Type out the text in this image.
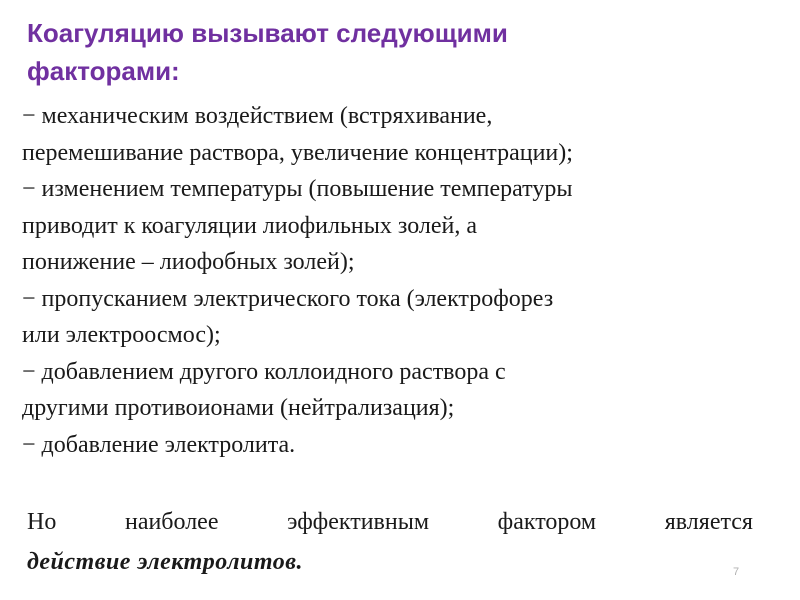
Коагуляцию вызывают следующими
факторами:
− механическим воздействием (встряхивание,
перемешивание раствора, увеличение концентрации);
− изменением температуры (повышение температуры
приводит к коагуляции лиофильных золей, а
понижение – лиофобных золей);
− пропусканием электрического тока (электрофорез
или электроосмос);
− добавлением другого коллоидного раствора с
другими противоионами (нейтрализация);
− добавление электролита.
Но	наиболее	эффективным	фактором	является
действие электролитов.	7
